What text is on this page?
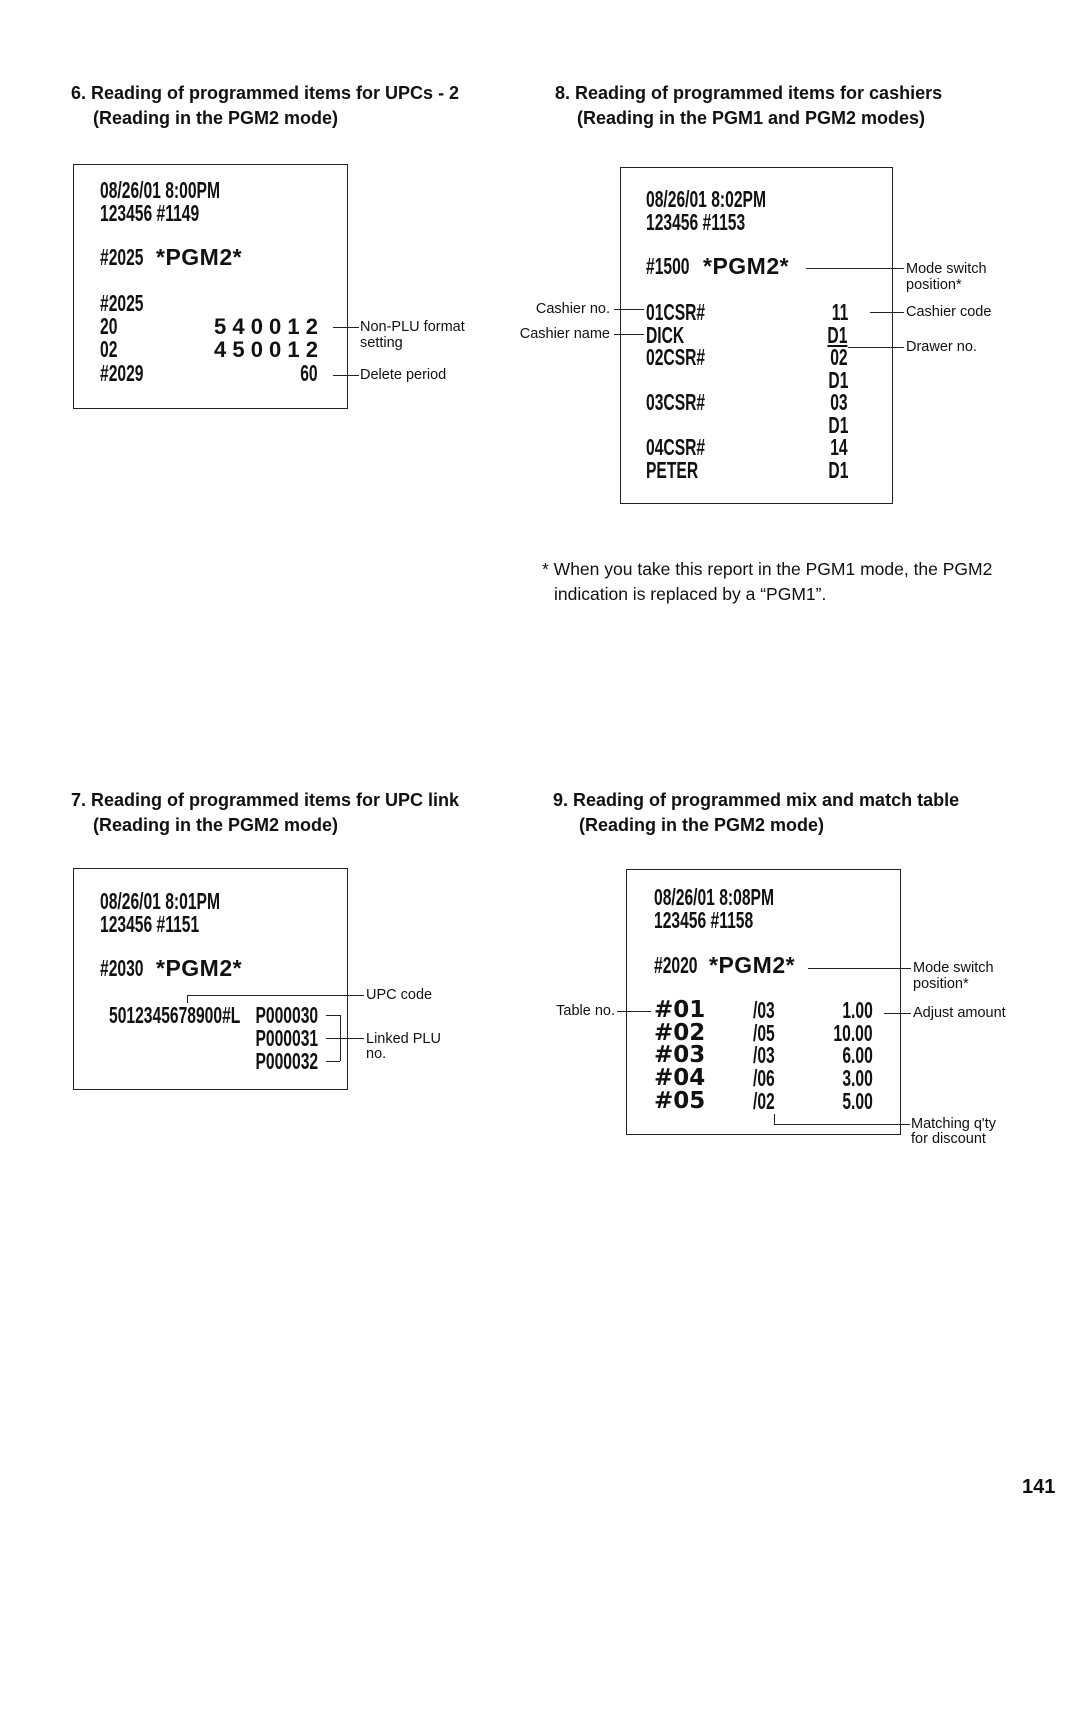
6. Reading of programmed items for UPCs - 2
(Reading in the PGM2 mode)
08/26/01 8:00PM
123456 #1149
#2025 *PGM2*
#2025
20	5 4 0 0 1 2
02	4 5 0 0 1 2
#2029	60
Non-PLU format
setting
Delete period
8. Reading of programmed items for cashiers
(Reading in the PGM1 and PGM2 modes)
08/26/01 8:02PM
123456 #1153
#1500 *PGM2*
01CSR#	11
DICK	D1
02CSR#	02
D1
03CSR#	03
D1
04CSR#	14
PETER	D1
Cashier no.
Cashier name
Mode switch
position*
Cashier code
Drawer no.
* When you take this report in the PGM1 mode, the PGM2
indication is replaced by a “PGM1”.
7. Reading of programmed items for UPC link
(Reading in the PGM2 mode)
08/26/01 8:01PM
123456 #1151
#2030 *PGM2*
5012345678900#L P000030
P000031
P000032
UPC code
Linked PLU
no.
9. Reading of programmed mix and match table
(Reading in the PGM2 mode)
08/26/01 8:08PM
123456 #1158
#2020 *PGM2*
#01 /03	1.00
#02 /05	10.00
#03 /03	6.00
#04 /06	3.00
#05 /02	5.00
Mode switch
position*
Table no.	Adjust amount
Matching q'ty
for discount
141
